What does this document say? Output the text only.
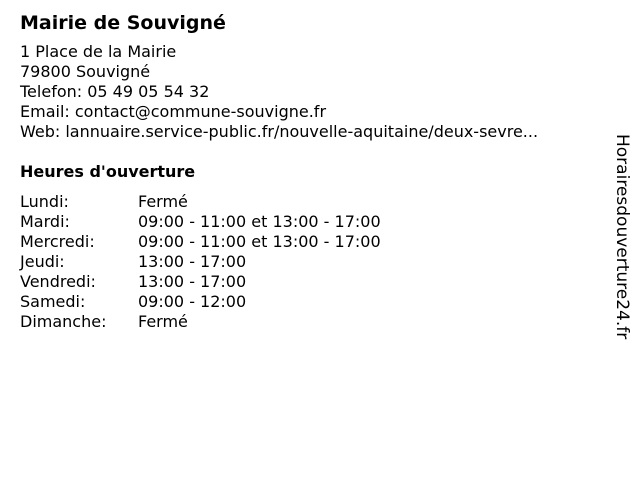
Mairie de Souvigné
1 Place de la Mairie
79800 Souvigné
Telefon: 05 49 05 54 32
Email: contact@commune-souvigne.fr
Web: lannuaire.service-public.fr/nouvelle-aquitaine/deux-sevre...
Heures d'ouverture
Lundi:	Fermé
Mardi:	09:00 - 11:00 et 13:00 - 17:00
Mercredi:	09:00 - 11:00 et 13:00 - 17:00
Jeudi:	13:00 - 17:00
Vendredi:	13:00 - 17:00
Samedi:	09:00 - 12:00
Dimanche:	Fermé	Horairesdouverture24.fr
